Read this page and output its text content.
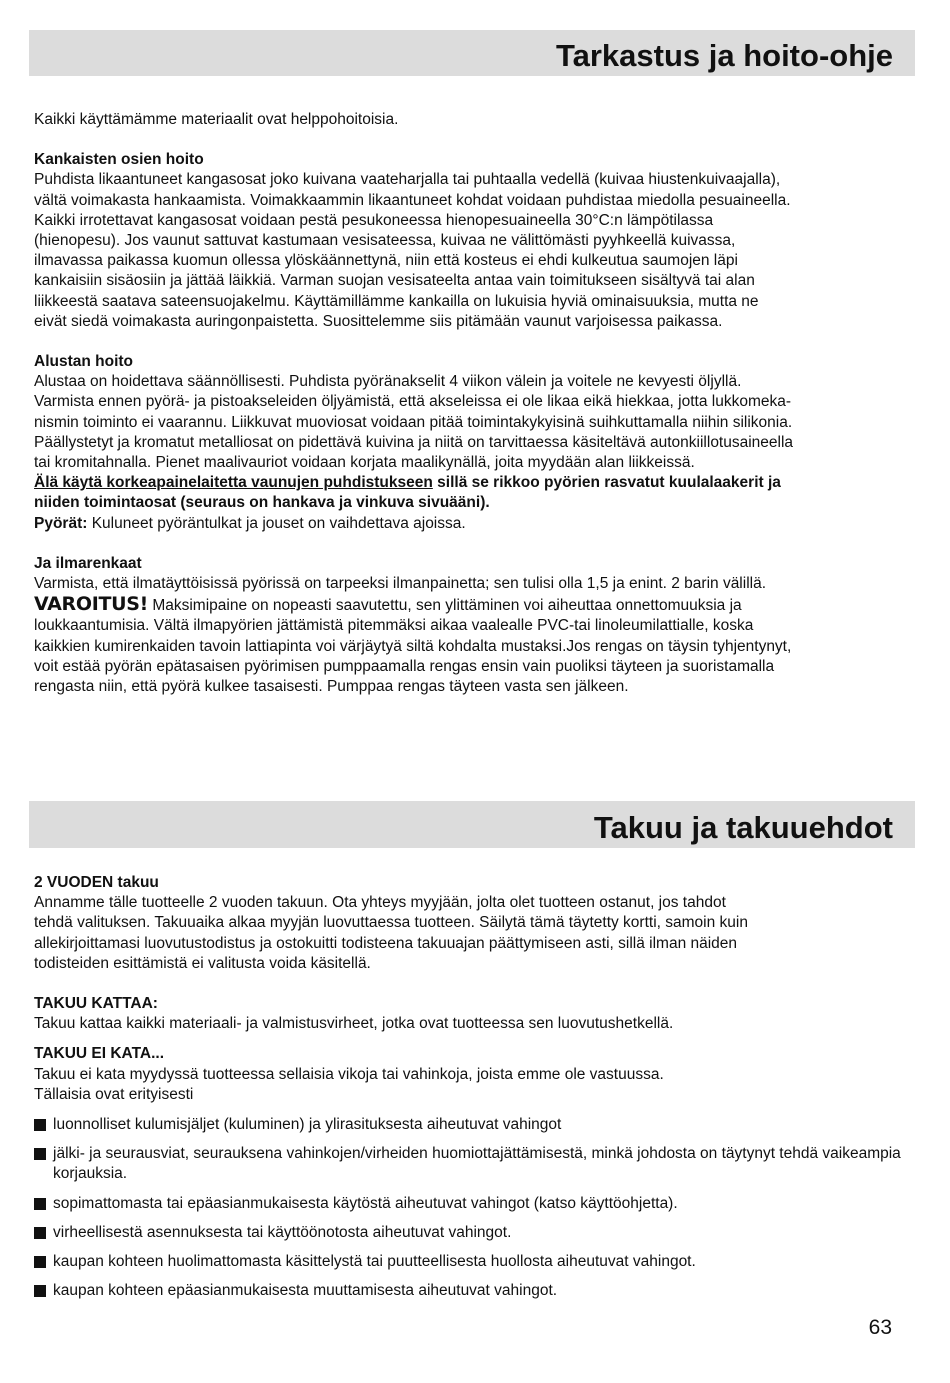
Tarkastus ja hoito-ohje

Kaikki käyttämämme materiaalit ovat helppohoitoisia.

Kankaisten osien hoito

Puhdista likaantuneet kangasosat joko kuivana vaateharjalla tai puhtaalla vedellä (kuivaa hiustenkuivaajalla),

vältä voimakasta hankaamista. Voimakkaammin likaantuneet kohdat voidaan puhdistaa miedolla pesuaineella.

Kaikki irrotettavat kangasosat voidaan pestä pesukoneessa hienopesuaineella 30°C:n lämpötilassa

(hienopesu). Jos vaunut sattuvat kastumaan vesisateessa, kuivaa ne välittömästi pyyhkeellä kuivassa,

ilmavassa paikassa kuomun ollessa ylöskäännettynä, niin että kosteus ei ehdi kulkeutua saumojen läpi

kankaisiin sisäosiin ja jättää läikkiä. Varman suojan vesisateelta antaa vain toimitukseen sisältyvä tai alan

liikkeestä saatava sateensuojakelmu. Käyttämillämme kankailla on lukuisia hyviä ominaisuuksia, mutta ne

eivät siedä voimakasta auringonpaistetta. Suosittelemme siis pitämään vaunut varjoisessa paikassa.

Alustan hoito

Alustaa on hoidettava säännöllisesti. Puhdista pyöränakselit 4 viikon välein ja voitele ne kevyesti öljyllä.

Varmista ennen pyörä- ja pistoakseleiden öljyämistä, että akseleissa ei ole likaa eikä hiekkaa, jotta lukkomeka-

nismin toiminto ei vaarannu. Liikkuvat muoviosat voidaan pitää toimintakykyisinä suihkuttamalla niihin silikonia.

Päällystetyt ja kromatut metalliosat on pidettävä kuivina ja niitä on tarvittaessa käsiteltävä autonkiillotusaineella

tai kromitahnalla. Pienet maalivauriot voidaan korjata maalikynällä, joita myydään alan liikkeissä.

Älä käytä korkeapainelaitetta vaunujen puhdistukseen sillä se rikkoo pyörien rasvatut kuulalaakerit ja

niiden toimintaosat (seuraus on hankava ja vinkuva sivuääni).

Pyörät: Kuluneet pyöräntulkat ja jouset on vaihdettava ajoissa.

Ja ilmarenkaat

Varmista, että ilmatäyttöisissä pyörissä on tarpeeksi ilmanpainetta; sen tulisi olla 1,5 ja enint. 2 barin välillä.

VAROITUS! Maksimipaine on nopeasti saavutettu, sen ylittäminen voi aiheuttaa onnettomuuksia ja

loukkaantumisia. Vältä ilmapyörien jättämistä pitemmäksi aikaa vaalealle PVC-tai linoleumilattialle, koska

kaikkien kumirenkaiden tavoin lattiapinta voi värjäytyä siltä kohdalta mustaksi.Jos rengas on täysin tyhjentynyt,

voit estää pyörän epätasaisen pyörimisen pumppaamalla rengas ensin vain puoliksi täyteen ja suoristamalla

rengasta niin, että pyörä kulkee tasaisesti. Pumppaa rengas täyteen vasta sen jälkeen.

Takuu ja takuuehdot

2 VUODEN takuu

Annamme tälle tuotteelle 2 vuoden takuun. Ota yhteys myyjään, jolta olet tuotteen ostanut, jos tahdot

tehdä valituksen. Takuuaika alkaa myyjän luovuttaessa tuotteen. Säilytä tämä täytetty kortti, samoin kuin

allekirjoittamasi luovutustodistus ja ostokuitti todisteena takuuajan päättymiseen asti, sillä ilman näiden

todisteiden esittämistä ei valitusta voida käsitellä.

TAKUU KATTAA:

Takuu kattaa kaikki materiaali- ja valmistusvirheet, jotka ovat tuotteessa sen luovutushetkellä.

TAKUU EI KATA...

Takuu ei kata myydyssä tuotteessa sellaisia vikoja tai vahinkoja, joista emme ole vastuussa.

Tällaisia ovat erityisesti

luonnolliset kulumisjäljet (kuluminen) ja ylirasituksesta aiheutuvat vahingot
jälki- ja seurausviat, seurauksena vahinkojen/virheiden huomiottajättämisestä, minkä johdosta on täytynyt tehdä vaikeampia korjauksia.
sopimattomasta tai epäasianmukaisesta käytöstä aiheutuvat vahingot (katso käyttöohjetta).
virheellisestä asennuksesta tai käyttöönotosta aiheutuvat vahingot.
kaupan kohteen huolimattomasta käsittelystä tai puutteellisesta huollosta aiheutuvat vahingot.
kaupan kohteen epäasianmukaisesta muuttamisesta aiheutuvat vahingot.
63
